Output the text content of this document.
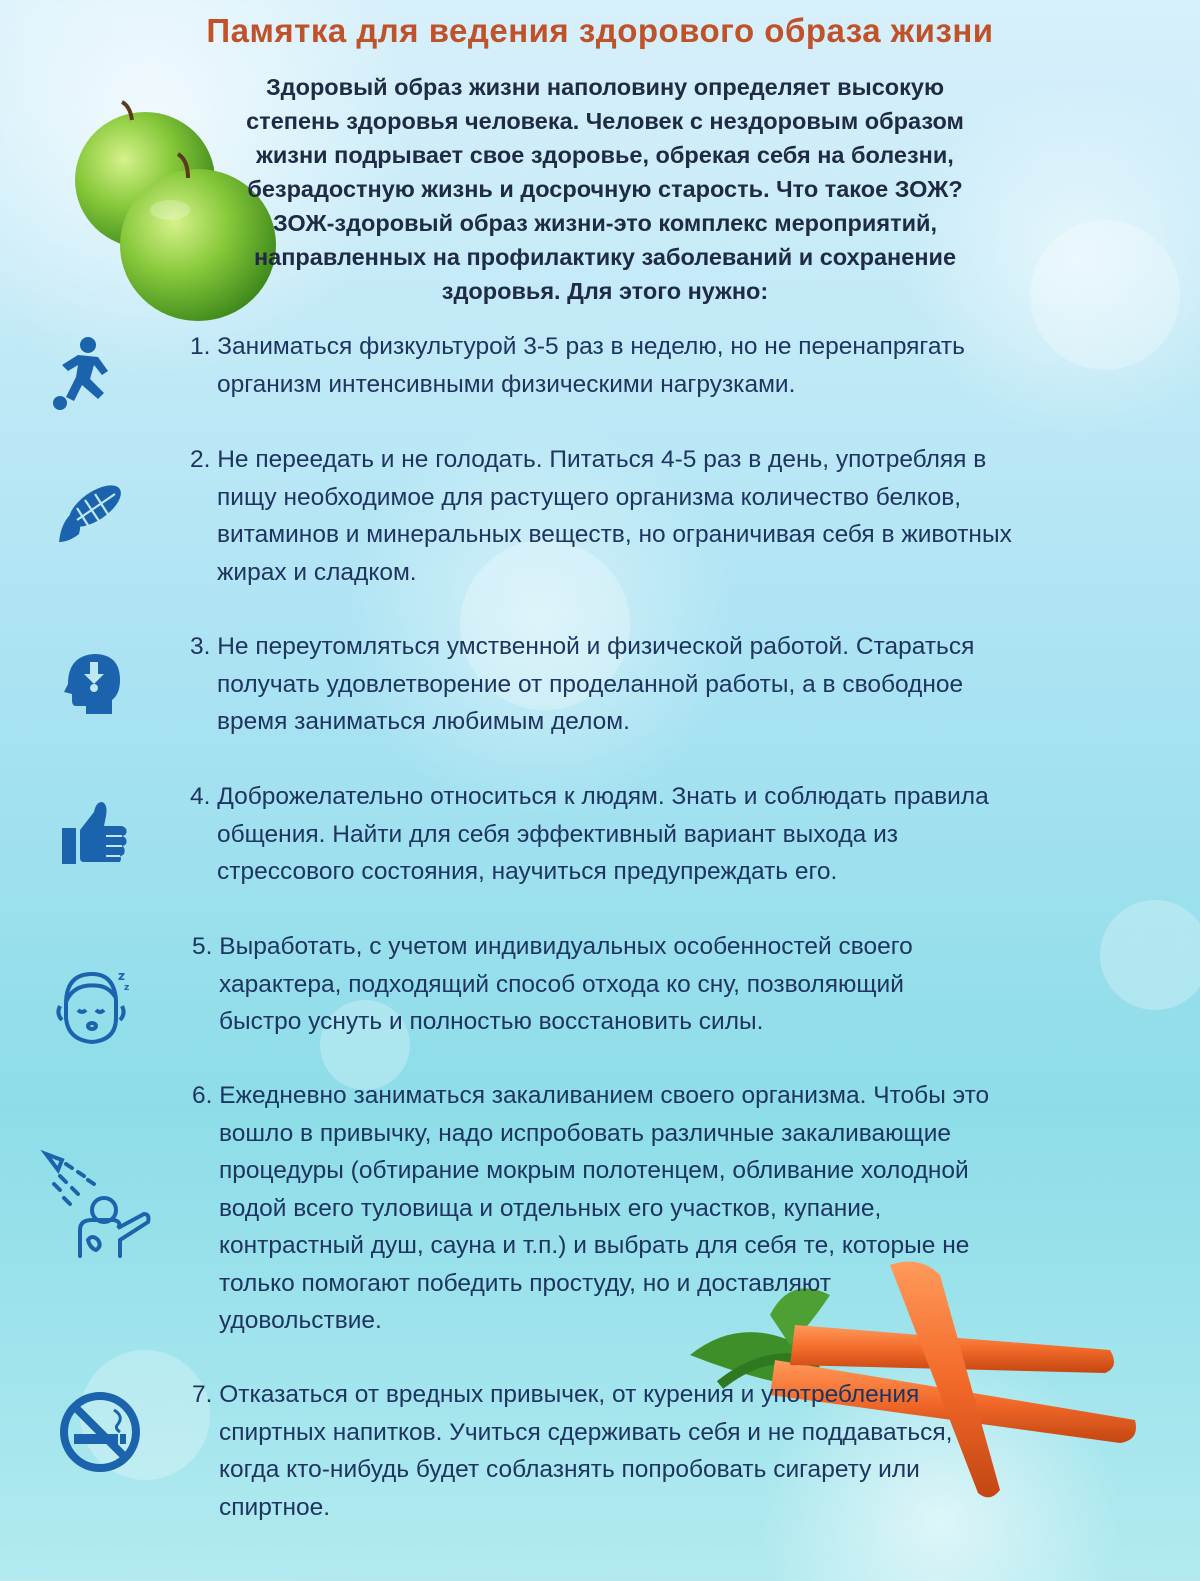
Памятка для ведения здорового образа жизни
Здоровый образ жизни наполовину определяет высокую
степень здоровья человека. Человек с нездоровым образом
жизни подрывает свое здоровье, обрекая себя на болезни,
безрадостную жизнь и досрочную старость. Что такое ЗОЖ?
ЗОЖ-здоровый образ жизни-это комплекс мероприятий,
направленных на профилактику заболеваний и сохранение
здоровья. Для этого нужно:
1. Заниматься физкультурой 3-5 раз в неделю, но не перенапрягать
организм интенсивными физическими нагрузками.
2. Не переедать и не голодать. Питаться 4-5 раз в день, употребляя в
пищу необходимое для растущего организма количество белков,
витаминов и минеральных веществ, но ограничивая себя в животных
жирах и сладком.
3. Не переутомляться умственной и физической работой. Стараться
получать удовлетворение от проделанной работы, а в свободное
время заниматься любимым делом.
4. Доброжелательно относиться к людям. Знать и соблюдать правила
общения. Найти для себя эффективный вариант выхода из
стрессового состояния, научиться предупреждать его.
z
z
5. Выработать, с учетом индивидуальных особенностей своего
характера, подходящий способ отхода ко сну, позволяющий
быстро уснуть и полностью восстановить силы.
6. Ежедневно заниматься закаливанием своего организма. Чтобы это
вошло в привычку, надо испробовать различные закаливающие
процедуры (обтирание мокрым полотенцем, обливание холодной
водой всего туловища и отдельных его участков, купание,
контрастный душ, сауна и т.п.) и выбрать для себя те, которые не
только помогают победить простуду, но и доставляют
удовольствие.
7. Отказаться от вредных привычек, от курения и употребления
спиртных напитков. Учиться сдерживать себя и не поддаваться,
когда кто-нибудь будет соблазнять попробовать сигарету или
спиртное.
